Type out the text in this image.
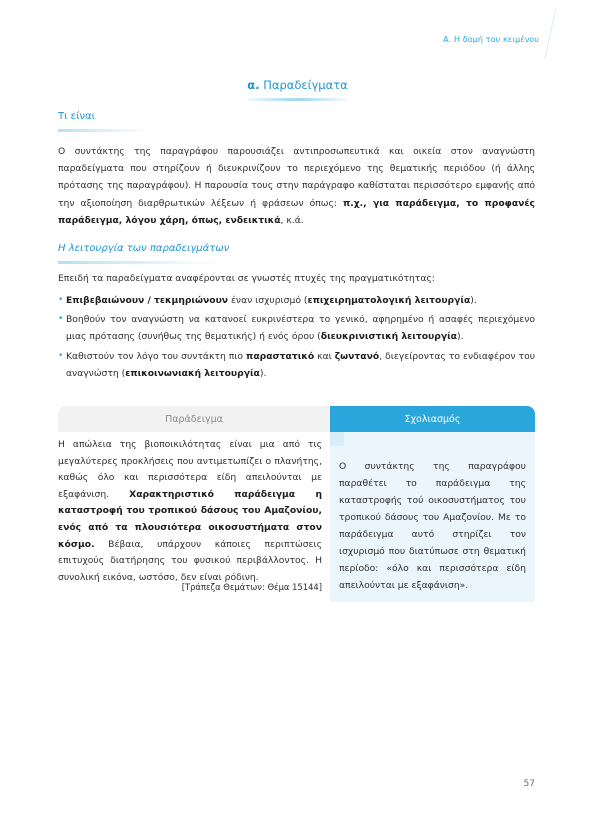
Α. Η δομή του κειμένου
α. Παραδείγματα
Τι είναι
Ο συντάκτης της παραγράφου παρουσιάζει αντιπροσωπευτικά και οικεία στον αναγνώστη παραδείγματα που στηρίζουν ή διευκρινίζουν το περιεχόμενο της θεματικής περιόδου (ή άλλης πρότασης της παραγράφου). Η παρουσία τους στην παράγραφο καθίσταται περισσότερο εμφανής από την αξιοποίηση διαρθρωτικών λέξεων ή φράσεων όπως: π.χ., για παράδειγμα, το προφανές παράδειγμα, λόγου χάρη, όπως, ενδεικτικά, κ.ά.
Η λειτουργία των παραδειγμάτων
Επειδή τα παραδείγματα αναφέρονται σε γνωστές πτυχές της πραγματικότητας:
• Επιβεβαιώνουν / τεκμηριώνουν έναν ισχυρισμό (επιχειρηματολογική λειτουργία).
• Βοηθούν τον αναγνώστη να κατανοεί ευκρινέστερα το γενικό, αφηρημένο ή ασαφές περιεχόμενο μιας πρότασης (συνήθως της θεματικής) ή ενός όρου (διευκρινιστική λειτουργία).
• Καθιστούν τον λόγο του συντάκτη πιο παραστατικό και ζωντανό, διεγείροντας το ενδιαφέρον του αναγνώστη (επικοινωνιακή λειτουργία).
Παράδειγμα	Σχολιασμός
Η απώλεια της βιοποικιλότητας είναι μια από τις μεγαλύτερες προκλήσεις που αντιμετωπίζει ο πλανήτης, καθώς όλο και περισσότερα είδη απειλούνται με εξαφάνιση. Χαρακτηριστικό παράδειγμα η καταστροφή του τροπικού δάσους του Αμαζονίου, ενός από τα πλουσιότερα οικοσυστήματα στον κόσμο. Βέβαια, υπάρχουν κάποιες περιπτώσεις επιτυχούς διατήρησης του φυσικού περιβάλλοντος. Η συνολική εικόνα, ωστόσο, δεν είναι ρόδινη.
[Τράπεζα Θεμάτων: Θέμα 15144]
Ο συντάκτης της παραγράφου παραθέτει το παράδειγμα της καταστροφής τού οικοσυστήματος του τροπικού δάσους του Αμαζονίου. Με το παράδειγμα αυτό στηρίζει τον ισχυρισμό που διατύπωσε στη θεματική περίοδο: «όλο και περισσότερα είδη απειλούνται με εξαφάνιση».
57
